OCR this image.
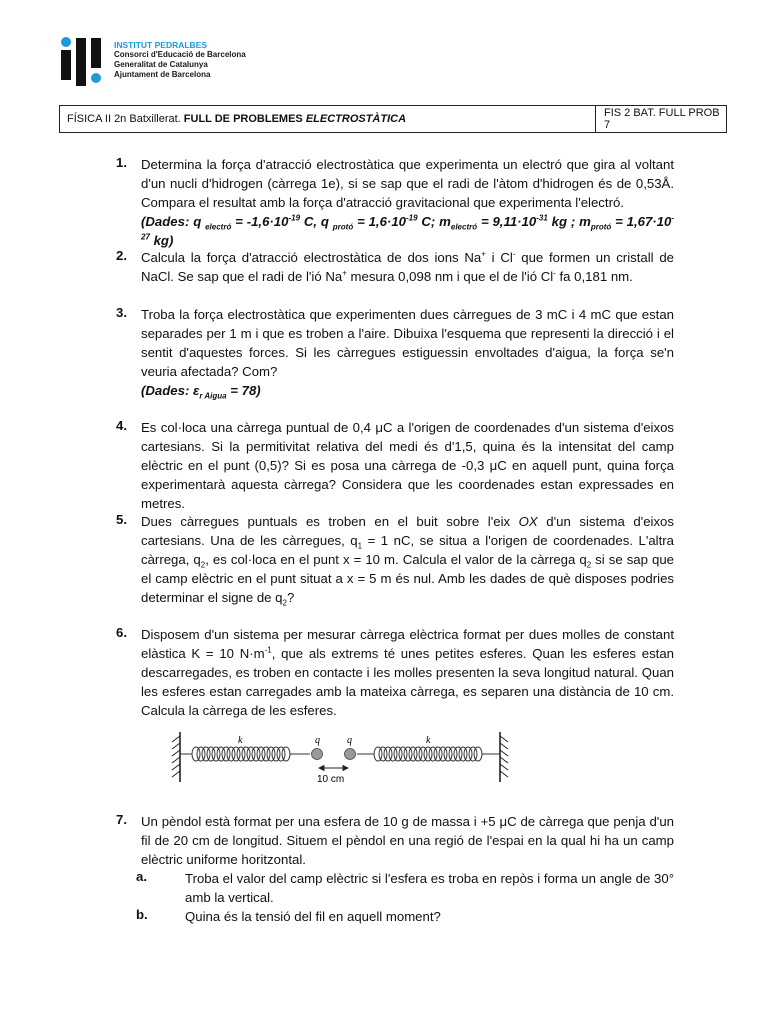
INSTITUT PEDRALBES
Consorci d'Educació de Barcelona
Generalitat de Catalunya
Ajuntament de Barcelona
FÍSICA II 2n Batxillerat. FULL DE PROBLEMES ELECTROSTÀTICA	FIS 2 BAT. FULL PROB 7
1. Determina la força d'atracció electrostàtica que experimenta un electró que gira al voltant d'un nucli d'hidrogen (càrrega 1e), si se sap que el radi de l'àtom d'hidrogen és de 0,53Å. Compara el resultat amb la força d'atracció gravitacional que experimenta l'electró.
(Dades: q $_{electró} = -1,6\cdot 10^{-19}$ C, q $_{protó} = 1,6\cdot 10^{-19}$ C; $m_{electró} = 9,11\cdot 10^{-31}$ kg ; $m_{protó} = 1,67\cdot 10^{-27}$ kg)
2. Calcula la força d'atracció electrostàtica de dos ions Na+ i Cl- que formen un cristall de NaCl. Se sap que el radi de l'ió Na+ mesura 0,098 nm i que el de l'ió Cl- fa 0,181 nm.
3. Troba la força electrostàtica que experimenten dues càrregues de 3 mC i 4 mC que estan separades per 1 m i que es troben a l'aire. Dibuixa l'esquema que representi la direcció i el sentit d'aquestes forces. Si les càrregues estiguessin envoltades d'aigua, la força se'n veuria afectada? Com?
(Dades: $\varepsilon_{r Aigua} = 78$)
4. Es col·loca una càrrega puntual de 0,4 μC a l'origen de coordenades d'un sistema d'eixos cartesians. Si la permitivitat relativa del medi és d'1,5, quina és la intensitat del camp elèctric en el punt (0,5)? Si es posa una càrrega de -0,3 μC en aquell punt, quina força experimentarà aquesta càrrega? Considera que les coordenades estan expressades en metres.
5. Dues càrregues puntuals es troben en el buit sobre l'eix OX d'un sistema d'eixos cartesians. Una de les càrregues, $q_1 = 1$ nC, se situa a l'origen de coordenades. L'altra càrrega, $q_2$, es col·loca en el punt x = 10 m. Calcula el valor de la càrrega $q_2$ si se sap que el camp elèctric en el punt situat a x = 5 m és nul. Amb les dades de què disposes podries determinar el signe de $q_2$?
6. Disposem d'un sistema per mesurar càrrega elèctrica format per dues molles de constant elàstica K = 10 $N\cdot m^{-1}$, que als extrems té unes petites esferes. Quan les esferes estan descarregades, es troben en contacte i les molles presenten la seva longitud natural. Quan les esferes estan carregades amb la mateixa càrrega, es separen una distància de 10 cm. Calcula la càrrega de les esferes.
k	k
q	q
10 cm
7. Un pèndol està format per una esfera de 10 g de massa i +5 μC de càrrega que penja d'un fil de 20 cm de longitud. Situem el pèndol en una regió de l'espai en la qual hi ha un camp elèctric uniforme horitzontal.
a.	Troba el valor del camp elèctric si l'esfera es troba en repòs i forma un angle de 30° amb la vertical.
b.	Quina és la tensió del fil en aquell moment?
